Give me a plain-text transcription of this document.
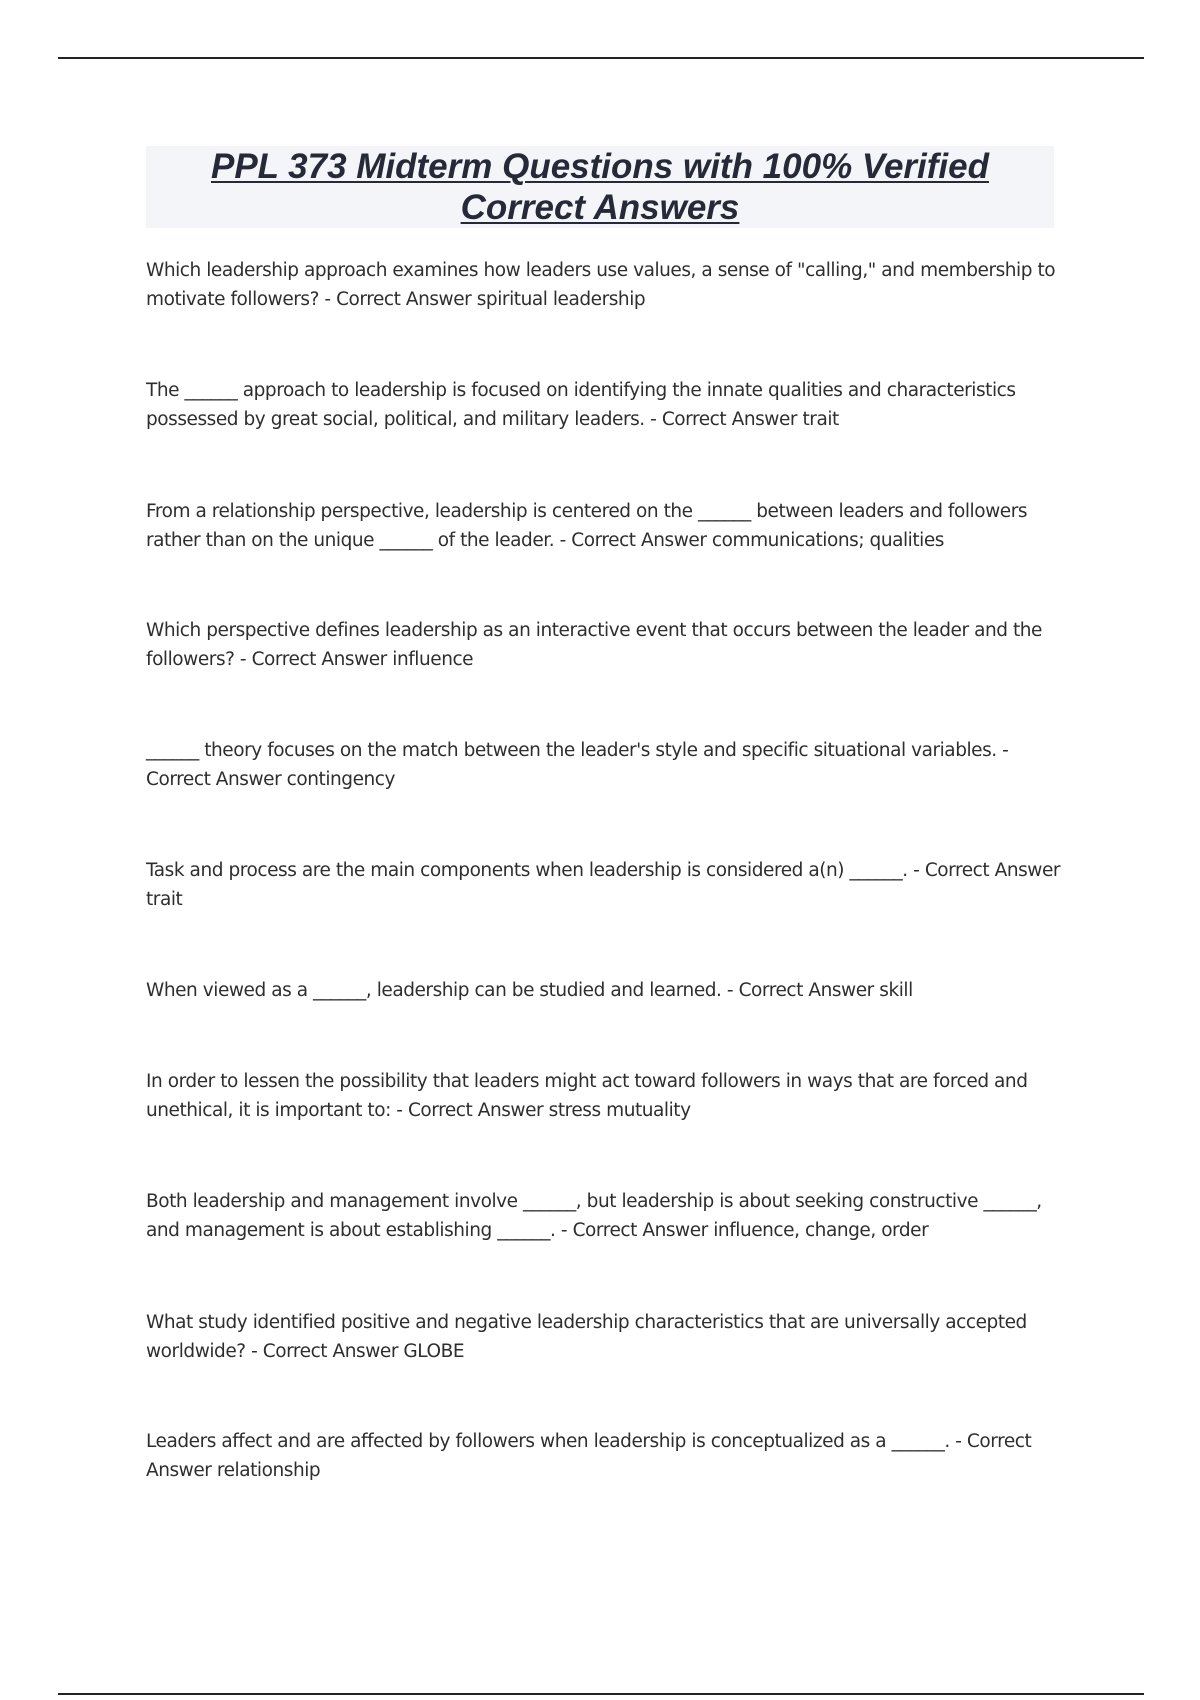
PPL 373 Midterm Questions with 100% Verified Correct Answers

Which leadership approach examines how leaders use values, a sense of "calling," and membership to motivate followers? - Correct Answer spiritual leadership

The ______ approach to leadership is focused on identifying the innate qualities and characteristics possessed by great social, political, and military leaders. - Correct Answer trait

From a relationship perspective, leadership is centered on the ______ between leaders and followers rather than on the unique ______ of the leader. - Correct Answer communications; qualities

Which perspective defines leadership as an interactive event that occurs between the leader and the followers? - Correct Answer influence

______ theory focuses on the match between the leader's style and specific situational variables. - Correct Answer contingency

Task and process are the main components when leadership is considered a(n) ______. - Correct Answer trait

When viewed as a ______, leadership can be studied and learned. - Correct Answer skill

In order to lessen the possibility that leaders might act toward followers in ways that are forced and unethical, it is important to: - Correct Answer stress mutuality

Both leadership and management involve ______, but leadership is about seeking constructive ______, and management is about establishing ______. - Correct Answer influence, change, order

What study identified positive and negative leadership characteristics that are universally accepted worldwide? - Correct Answer GLOBE

Leaders affect and are affected by followers when leadership is conceptualized as a ______. - Correct Answer relationship
